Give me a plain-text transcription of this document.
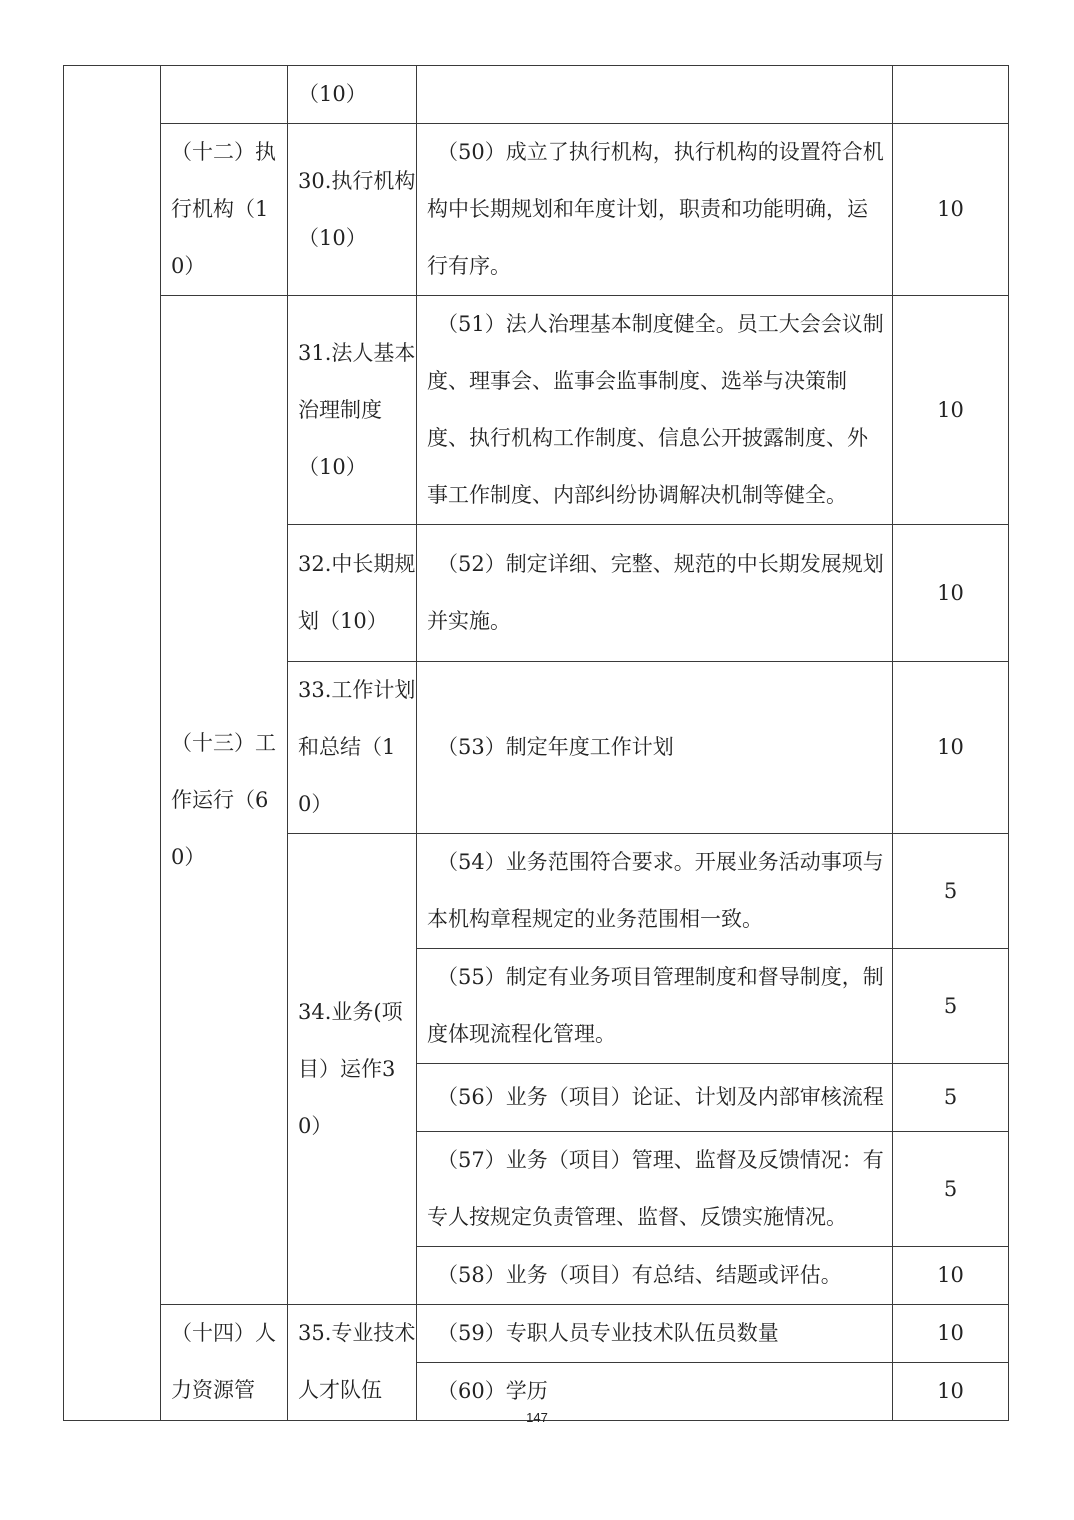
		（10）		

	（十二）执行机构（10）	30.执行机构（10）	（50）成立了执行机构，执行机构的设置符合机构中长期规划和年度计划，职责和功能明确，运行有序。	10

	（十三）工作运行（60）	31.法人基本治理制度（10）	（51）法人治理基本制度健全。员工大会会议制度、理事会、监事会监事制度、选举与决策制度、执行机构工作制度、信息公开披露制度、外事工作制度、内部纠纷协调解决机制等健全。	10

		32.中长期规划（10）	（52）制定详细、完整、规范的中长期发展规划并实施。	10

		33.工作计划和总结（10）	（53）制定年度工作计划	10

		34.业务(项目）运作30）	（54）业务范围符合要求。开展业务活动事项与本机构章程规定的业务范围相一致。	5

			（55）制定有业务项目管理制度和督导制度，制度体现流程化管理。	5

			（56）业务（项目）论证、计划及内部审核流程	5

			（57）业务（项目）管理、监督及反馈情况：有专人按规定负责管理、监督、反馈实施情况。	5

			（58）业务（项目）有总结、结题或评估。	10

	（十四）人力资源管	35.专业技术人才队伍	（59）专职人员专业技术队伍员数量	10

			（60）学历	10
147
